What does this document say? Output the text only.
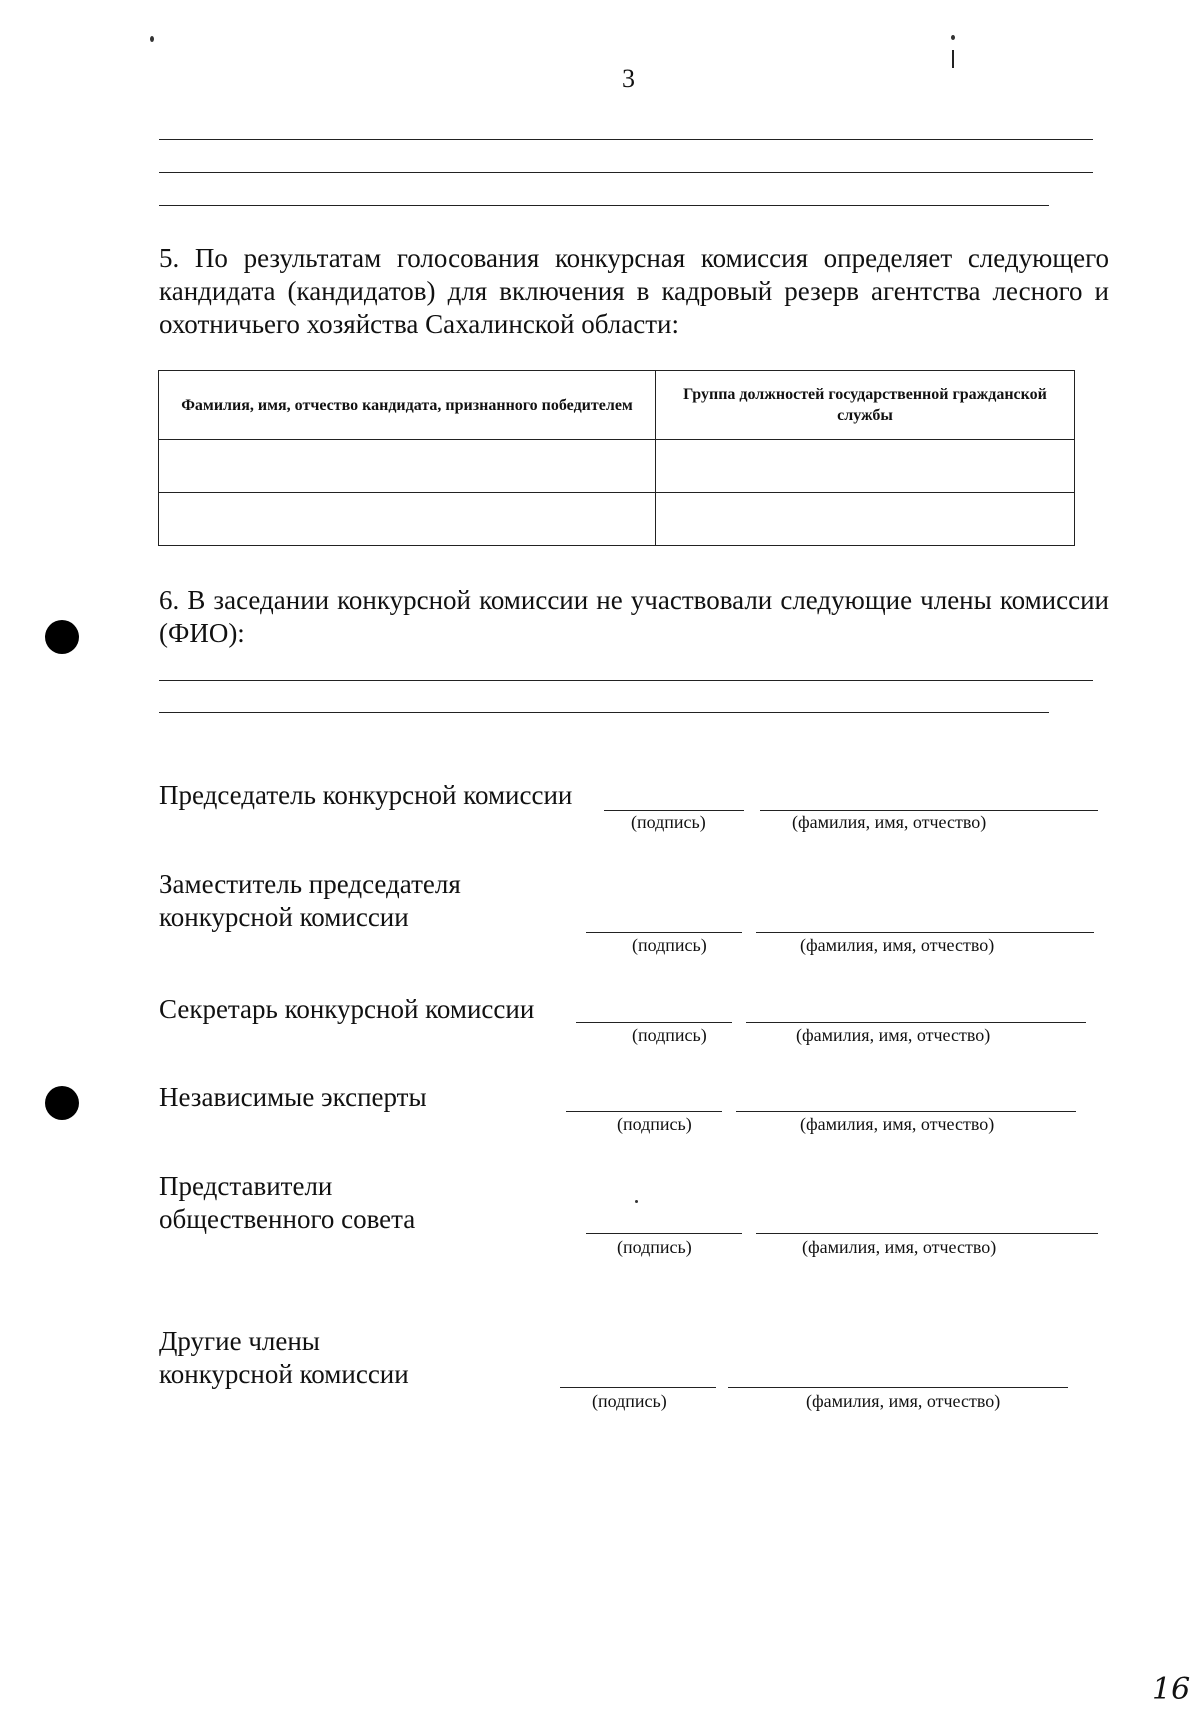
3
5. По результатам голосования конкурсная комиссия определяет следующего кандидата (кандидатов) для включения в кадровый резерв агентства лесного и охотничьего хозяйства Сахалинской области:
Фамилия, имя, отчество кандидата, признанного победителем	Группа должностей государственной гражданской службы

6. В заседании конкурсной комиссии не участвовали следующие члены комиссии (ФИО):
Председатель конкурсной комиссии
(подпись)	(фамилия, имя, отчество)
Заместитель председателя
конкурсной комиссии
(подпись)	(фамилия, имя, отчество)
Секретарь конкурсной комиссии
(подпись)	(фамилия, имя, отчество)
Независимые эксперты
(подпись)	(фамилия, имя, отчество)
Представители
общественного совета
(подпись)	(фамилия, имя, отчество)
Другие члены
конкурсной комиссии
(подпись)	(фамилия, имя, отчество)
16
